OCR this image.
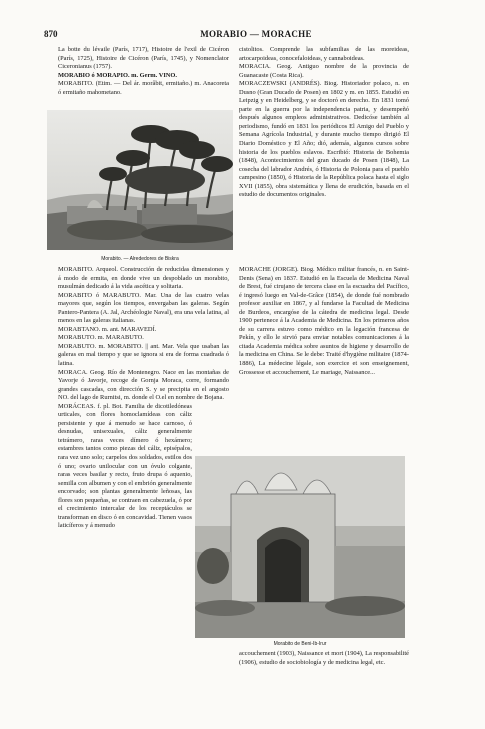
870	MORABIO — MORACHE

La botte du lévaile (París, 1717), Histoire de l'exil de Cicéron (París, 1725), Histoire de Cicéron (París, 1745), y Nomenclator Ciceronianus (1757).

MORABIO ó MORAPIO. m. Germ. VINO.

MORABITO. (Etim. — Del ár. morâbit, ermitaño.) m. Anacoreta ó ermitaño mahometano.

cistolitos. Comprende las subfamilias de las moreideas, artocarpoideas, conocefaloideas, y cannaboideas.

MORACIA. Geog. Antiguo nombre de la provincia de Guanacaste (Costa Rica).

MORACZEWSKI (ANDRÉS). Biog. Historiador polaco, n. en Dusno (Gran Ducado de Posen) en 1802 y m. en 1855. Estudió en Leipzig y en Heidelberg, y se doctoró en derecho. En 1831 tomó parte en la guerra por la independencia patria, y desempeñó después algunos empleos administrativos. Dedicóse también al periodismo, fundó en 1831 los periódicos El Amigo del Pueblo y Semana Agrícola Industrial, y durante mucho tiempo dirigió El Diario Doméstico y El Año; dió, además, algunos cursos sobre historia de los pueblos eslavos. Escribió: Historia de Bohemia (1848), Acontecimientos del gran ducado de Posen (1848), La cosecha del labrador Andrés, ó Historia de Polonia para el pueblo campesino (1850), ó Historia de la República polaca hasta el siglo XVII (1855), obra sistemática y llena de erudición, basada en el estudio de documentos originales.

Morabito. — Alrededores de Biskra

MORABITO. Arqueol. Construcción de reducidas dimensiones y á modo de ermita, en donde vive un despoblado un morabito, musulmán dedicado á la vida ascética y solitaria.

MORABITO ó MARABUTO. Mar. Una de las cuatro velas mayores que, según los tiempos, envergaban las galeras. Según Pantero-Pantera (A. Jal, Archéologie Naval), era una vela latina, al menos en las galeras italianas.

MORABTANO. m. ant. MARAVEDÍ.

MORABUTO. m. MARABUTO.

MORABUTO. m. MORABITO. || ant. Mar. Vela que usaban las galeras en mal tiempo y que se ignora si era de forma cuadrada ó latina.

MORACA. Geog. Río de Montenegro. Nace en las montañas de Yavorje ó Javorje, recoge de Gornja Moraca, corre, formando grandes cascadas, con dirección S. y se precipita en el angosto NO. del lago de Rurnitsi, m. donde el O.el en nombre de Bojana.

MORÁCEAS. f. pl. Bot. Familia de dicotiledóneas urticales, con flores homoclamídeas con cáliz persistente y que á menudo se hace carnoso, ó desnudas, unisexuales, cáliz generalmente tetrámero, raras veces dímero ó hexámero; estambres tantos como piezas del cáliz, episépalos, rara vez uno solo; carpelos dos soldados, estilos dos ó uno; ovario unilocular con un óvulo colgante, raras veces basilar y recto, fruto drupa ó aquenio, semilla con albumen y con el embrión generalmente encorvado; son plantas generalmente leñosas, las flores son pequeñas, se contraen en cabezuela, ó por el crecimiento intercalar de los receptáculos se transforman en disco ó en concavidad. Tienen vasos laticíferos y á menudo

MORACHE (JORGE). Biog. Médico militar francés, n. en Saint-Denis (Sena) en 1837. Estudió en la Escuela de Medicina Naval de Brest, fué cirujano de tercera clase en la escuadra del Pacífico, é ingresó luego en Val-de-Grâce (1854), de donde fué nombrado profesor auxiliar en 1867, y al fundarse la Facultad de Medicina de Burdeos, encargóse de la cátedra de medicina legal. Desde 1900 pertenece á la Academia de Medicina. En los primeros años de su carrera estuvo como médico en la legación francesa de Pekín, y ello le sirvió para enviar notables comunicaciones á la citada Academia médica sobre asuntos de higiene y desarrollo de la medicina en China. Se le debe: Traité d'hygiène militaire (1874-1886), La médecine légale, son exercice et son enseignement, Grossesse et accouchement, Le mariage, Naissance...

Morabito de Beni-Ib-Irur

accouchement (1903), Naissance et mort (1904), La responsabilité (1906), estudio de sociobiología y de medicina legal, etc.
